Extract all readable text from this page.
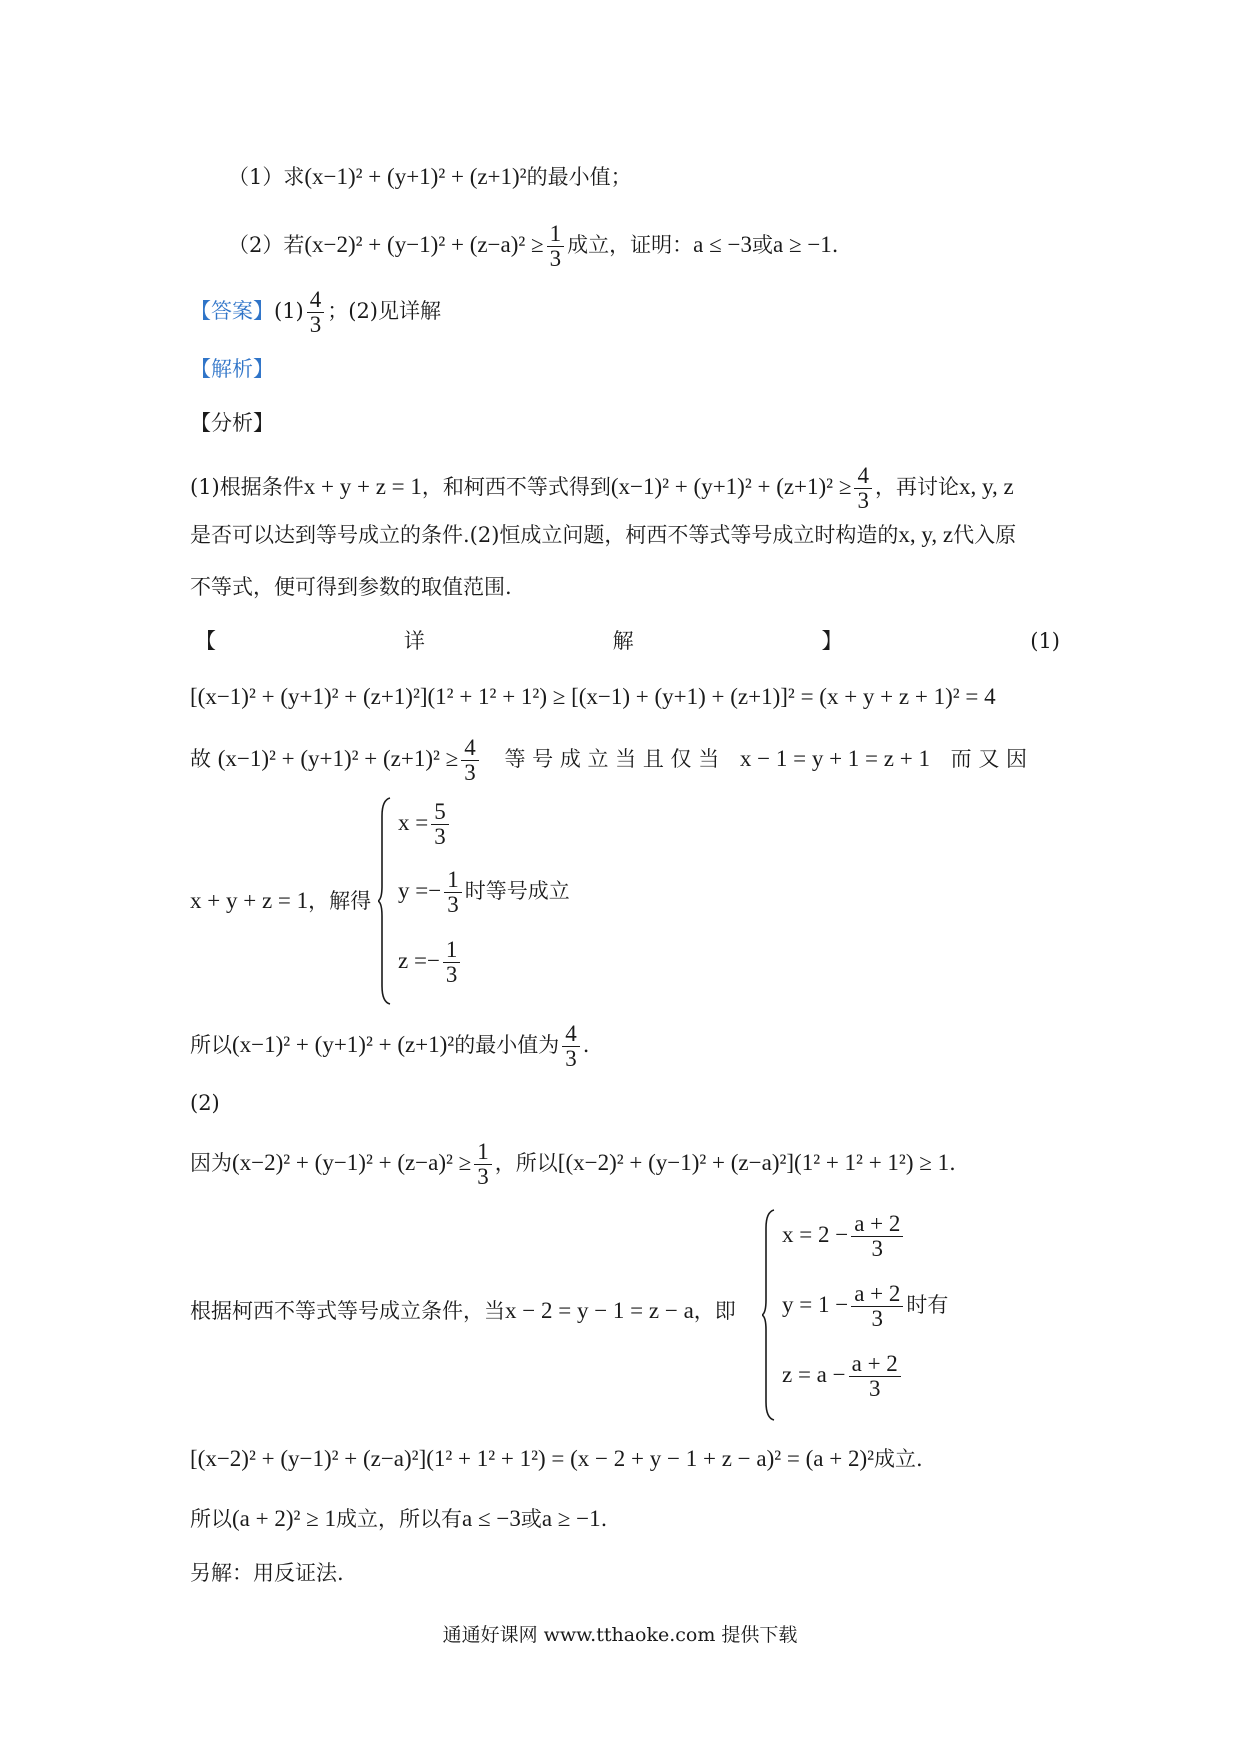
（1）求(x−1)² + (y+1)² + (z+1)²的最小值；
（2）若$(x-2)^2 + (y-1)^2 + (z-a)^2 \ge \frac{1}{3}$ 成立，证明：a ≤ −3或a ≥ −1.
【答案】$(1) \frac{4}{3}$ ；(2)见详解
【解析】
【分析】
(1)根据条件x + y + z = 1，和柯西不等式得到$(x-1)^2 + (y+1)^2 + (z+1)^2 \ge \frac{4}{3}$ ，再讨论x, y, z
是否可以达到等号成立的条件.(2)恒成立问题，柯西不等式等号成立时构造的x, y, z代入原
不等式，便可得到参数的取值范围.
【	详	解	】	(1)
[(x−1)² + (y+1)² + (z+1)²](1² + 1² + 1²) ≥ [(x−1) + (y+1) + (z+1)]² = (x + y + z + 1)² = 4
故 $(x-1)^2 + (y+1)^2 + (z+1)^2 \ge \frac{4}{3}$ 等 号 成 立 当 且 仅 当 x − 1 = y + 1 = z + 1 而 又 因
x + y + z = 1，解得
$x = \frac{5}{3}$
$y =- \frac{1}{3}$ 时等号成立
$z =- \frac{1}{3}$
所以(x−1)² + (y+1)² + (z+1)²的最小值为 $\frac{4}{3}$ .
(2)
因为$(x-2)^2 + (y-1)^2 + (z-a)^2 \ge \frac{1}{3}$ ，所以[(x−2)² + (y−1)² + (z−a)²](1² + 1² + 1²) ≥ 1.
根据柯西不等式等号成立条件，当x − 2 = y − 1 = z − a，即
$x = 2 - \frac{a + 2}{3}$
$y = 1 - \frac{a + 2}{3}$ 时有
$z = a - \frac{a + 2}{3}$
[(x−2)² + (y−1)² + (z−a)²](1² + 1² + 1²) = (x − 2 + y − 1 + z − a)² = (a + 2)²成立.
所以(a + 2)² ≥ 1成立，所以有a ≤ −3或a ≥ −1.
另解：用反证法.
通通好课网 www.tthaoke.com 提供下载
